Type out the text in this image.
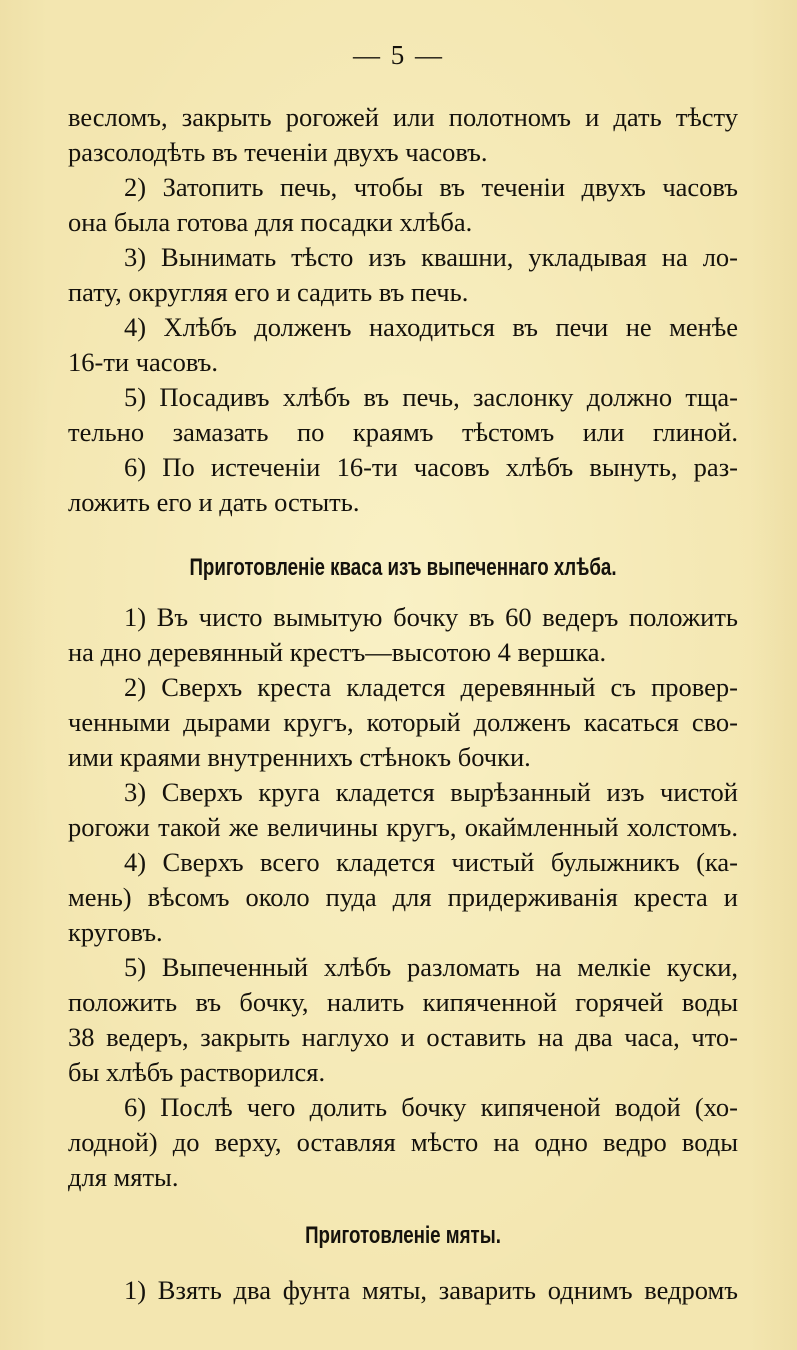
— 5 —
весломъ, закрыть рогожей или полотномъ и дать тѣсту
разсолодѣть въ теченіи двухъ часовъ.
2) Затопить печь, чтобы въ теченіи двухъ часовъ
она была готова для посадки хлѣба.
3) Вынимать тѣсто изъ квашни, укладывая на ло-
пату, округляя его и садить въ печь.
4) Хлѣбъ долженъ находиться въ печи не менѣе
16-ти часовъ.
5) Посадивъ хлѣбъ въ печь, заслонку должно тща-
тельно замазать по краямъ тѣстомъ или глиной.
6) По истеченіи 16-ти часовъ хлѣбъ вынуть, раз-
ложить его и дать остыть.
Приготовленіе кваса изъ выпеченнаго хлѣба.
1) Въ чисто вымытую бочку въ 60 ведеръ положить
на дно деревянный крестъ—высотою 4 вершка.
2) Сверхъ креста кладется деревянный съ провер-
ченными дырами кругъ, который долженъ касаться сво-
ими краями внутреннихъ стѣнокъ бочки.
3) Сверхъ круга кладется вырѣзанный изъ чистой
рогожи такой же величины кругъ, окаймленный холстомъ.
4) Сверхъ всего кладется чистый булыжникъ (ка-
мень) вѣсомъ около пуда для придерживанія креста и
круговъ.
5) Выпеченный хлѣбъ разломать на мелкіе куски,
положить въ бочку, налить кипяченной горячей воды
38 ведеръ, закрыть наглухо и оставить на два часа, что-
бы хлѣбъ растворился.
6) Послѣ чего долить бочку кипяченой водой (хо-
лодной) до верху, оставляя мѣсто на одно ведро воды
для мяты.
Приготовленіе мяты.
1) Взять два фунта мяты, заварить однимъ ведромъ
